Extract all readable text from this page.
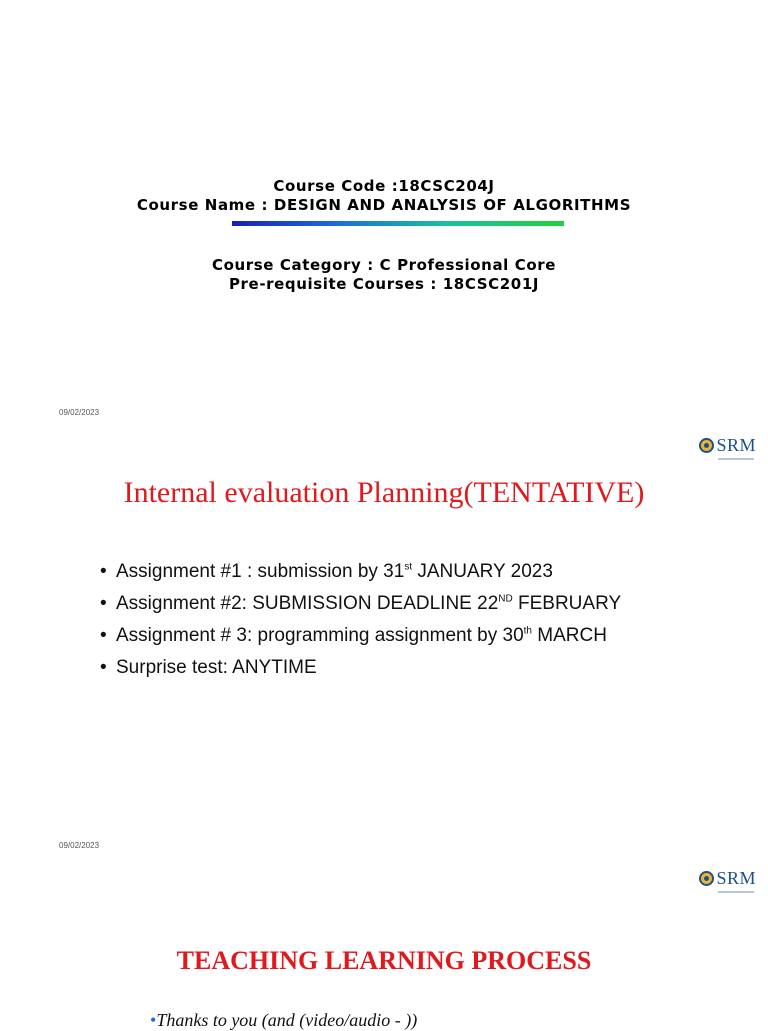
Course Code :18CSC204J
Course Name : DESIGN AND ANALYSIS OF ALGORITHMS
Course Category : C Professional Core
Pre-requisite Courses : 18CSC201J
09/02/2023
SRM
Internal evaluation Planning(TENTATIVE)
• Assignment #1 : submission by 31st JANUARY 2023
• Assignment #2: SUBMISSION DEADLINE 22ND FEBRUARY
• Assignment # 3: programming assignment by 30th MARCH
• Surprise test: ANYTIME
09/02/2023
SRM
TEACHING LEARNING PROCESS
•Thanks to you (and (video/audio - ))
